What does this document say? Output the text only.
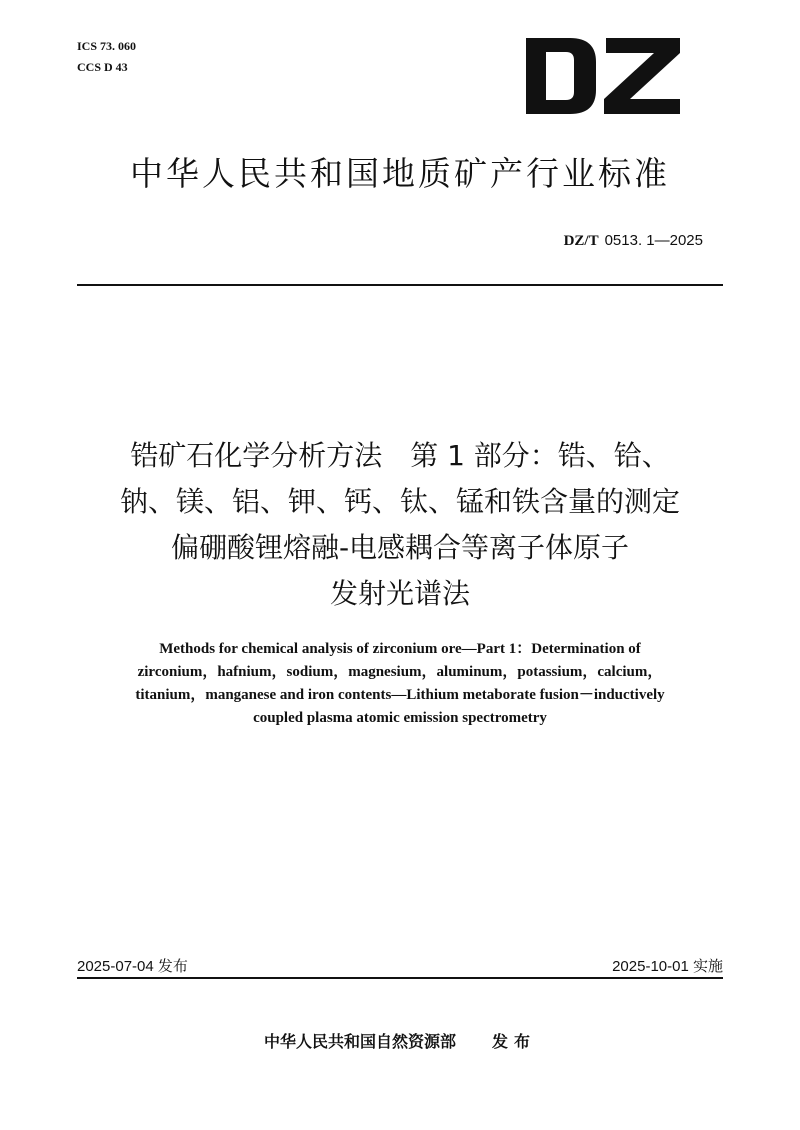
ICS 73. 060
CCS D 43
中华人民共和国地质矿产行业标准
DZ/T 0513. 1—2025
锆矿石化学分析方法　第 1 部分：锆、铪、
钠、镁、铝、钾、钙、钛、锰和铁含量的测定
偏硼酸锂熔融-电感耦合等离子体原子
发射光谱法
Methods for chemical analysis of zirconium ore—Part 1：Determination of
zirconium，hafnium，sodium，magnesium，aluminum，potassium，calcium，
titanium，manganese and iron contents—Lithium metaborate fusion－inductively
coupled plasma atomic emission spectrometry
2025-07-04 发布	2025-10-01 实施
中华人民共和国自然资源部 发布
